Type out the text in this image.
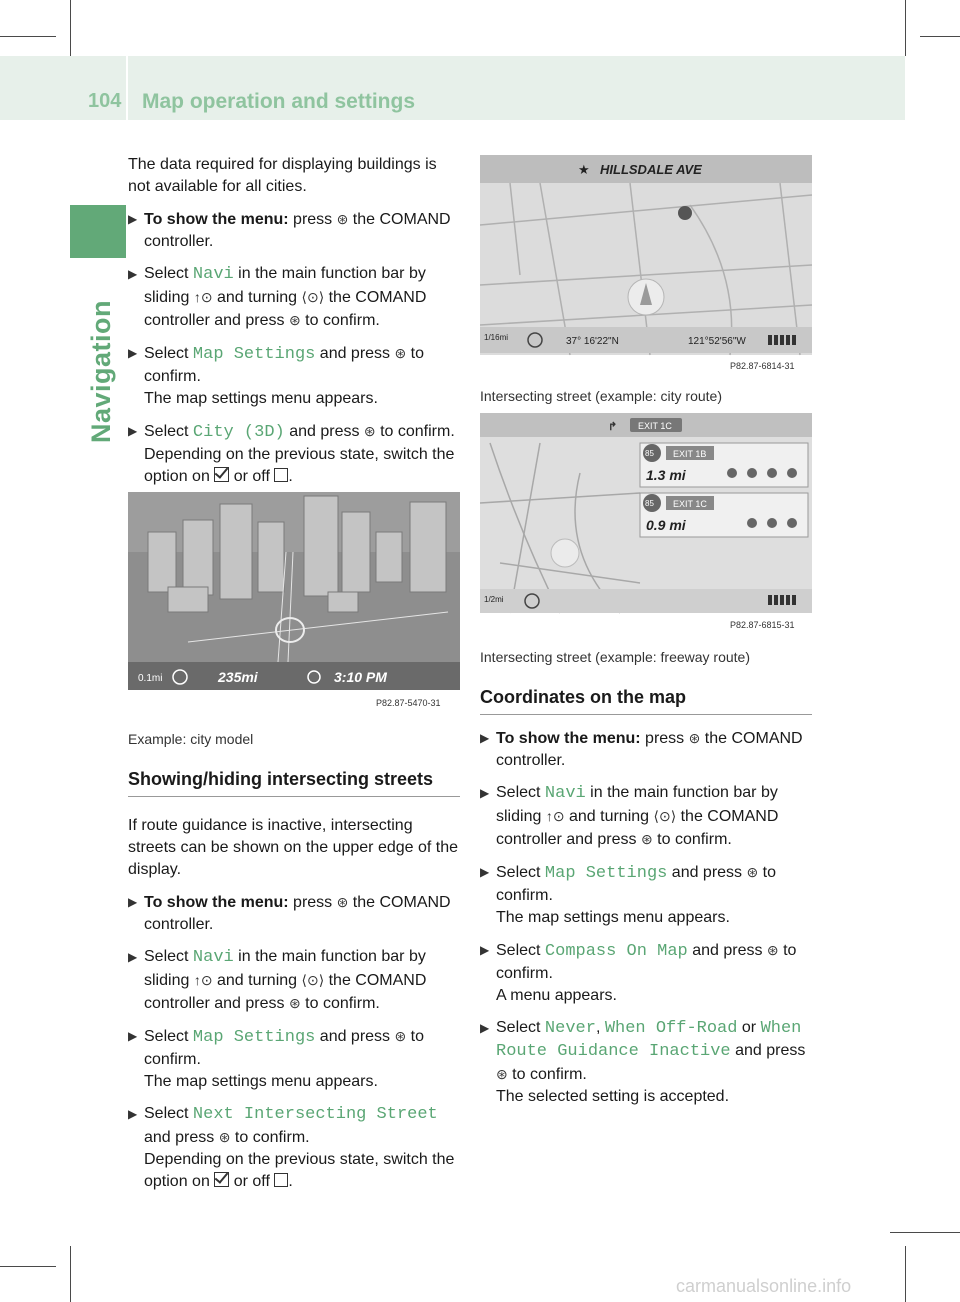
104 Map operation and settings
Navigation

The data required for displaying buildings is not available for all cities.

▶ To show the menu: press ⊛ the COMAND controller.
▶ Select Navi in the main function bar by sliding ↑⊙ and turning ⟨⊙⟩ the COMAND controller and press ⊛ to confirm.
▶ Select Map Settings and press ⊛ to confirm.
The map settings menu appears.
▶ Select City (3D) and press ⊛ to confirm.
Depending on the previous state, switch the option on  or off .
0.1mi	235mi	3:10 PM
P82.87-5470-31
Example: city model
Showing/hiding intersecting streets

If route guidance is inactive, intersecting streets can be shown on the upper edge of the display.

▶ To show the menu: press ⊛ the COMAND controller.
▶ Select Navi in the main function bar by sliding ↑⊙ and turning ⟨⊙⟩ the COMAND controller and press ⊛ to confirm.
▶ Select Map Settings and press ⊛ to confirm.
The map settings menu appears.
▶ Select Next Intersecting Street and press ⊛ to confirm.
Depending on the previous state, switch the option on  or off .
★ HILLSDALE AVE
1/16mi	37° 16'22"N	121°52'56"W
P82.87-6814-31
Intersecting street (example: city route)
↱ EXIT 1C
85 EXIT 1B
1.3 mi
85 EXIT 1C
0.9 mi
1/2mi
P82.87-6815-31
Intersecting street (example: freeway route)
Coordinates on the map
▶ To show the menu: press ⊛ the COMAND controller.
▶ Select Navi in the main function bar by sliding ↑⊙ and turning ⟨⊙⟩ the COMAND controller and press ⊛ to confirm.
▶ Select Map Settings and press ⊛ to confirm.
The map settings menu appears.
▶ Select Compass On Map and press ⊛ to confirm.
A menu appears.
▶ Select Never, When Off-Road or When Route Guidance Inactive and press ⊛ to confirm.
The selected setting is accepted.
carmanualsonline.info
